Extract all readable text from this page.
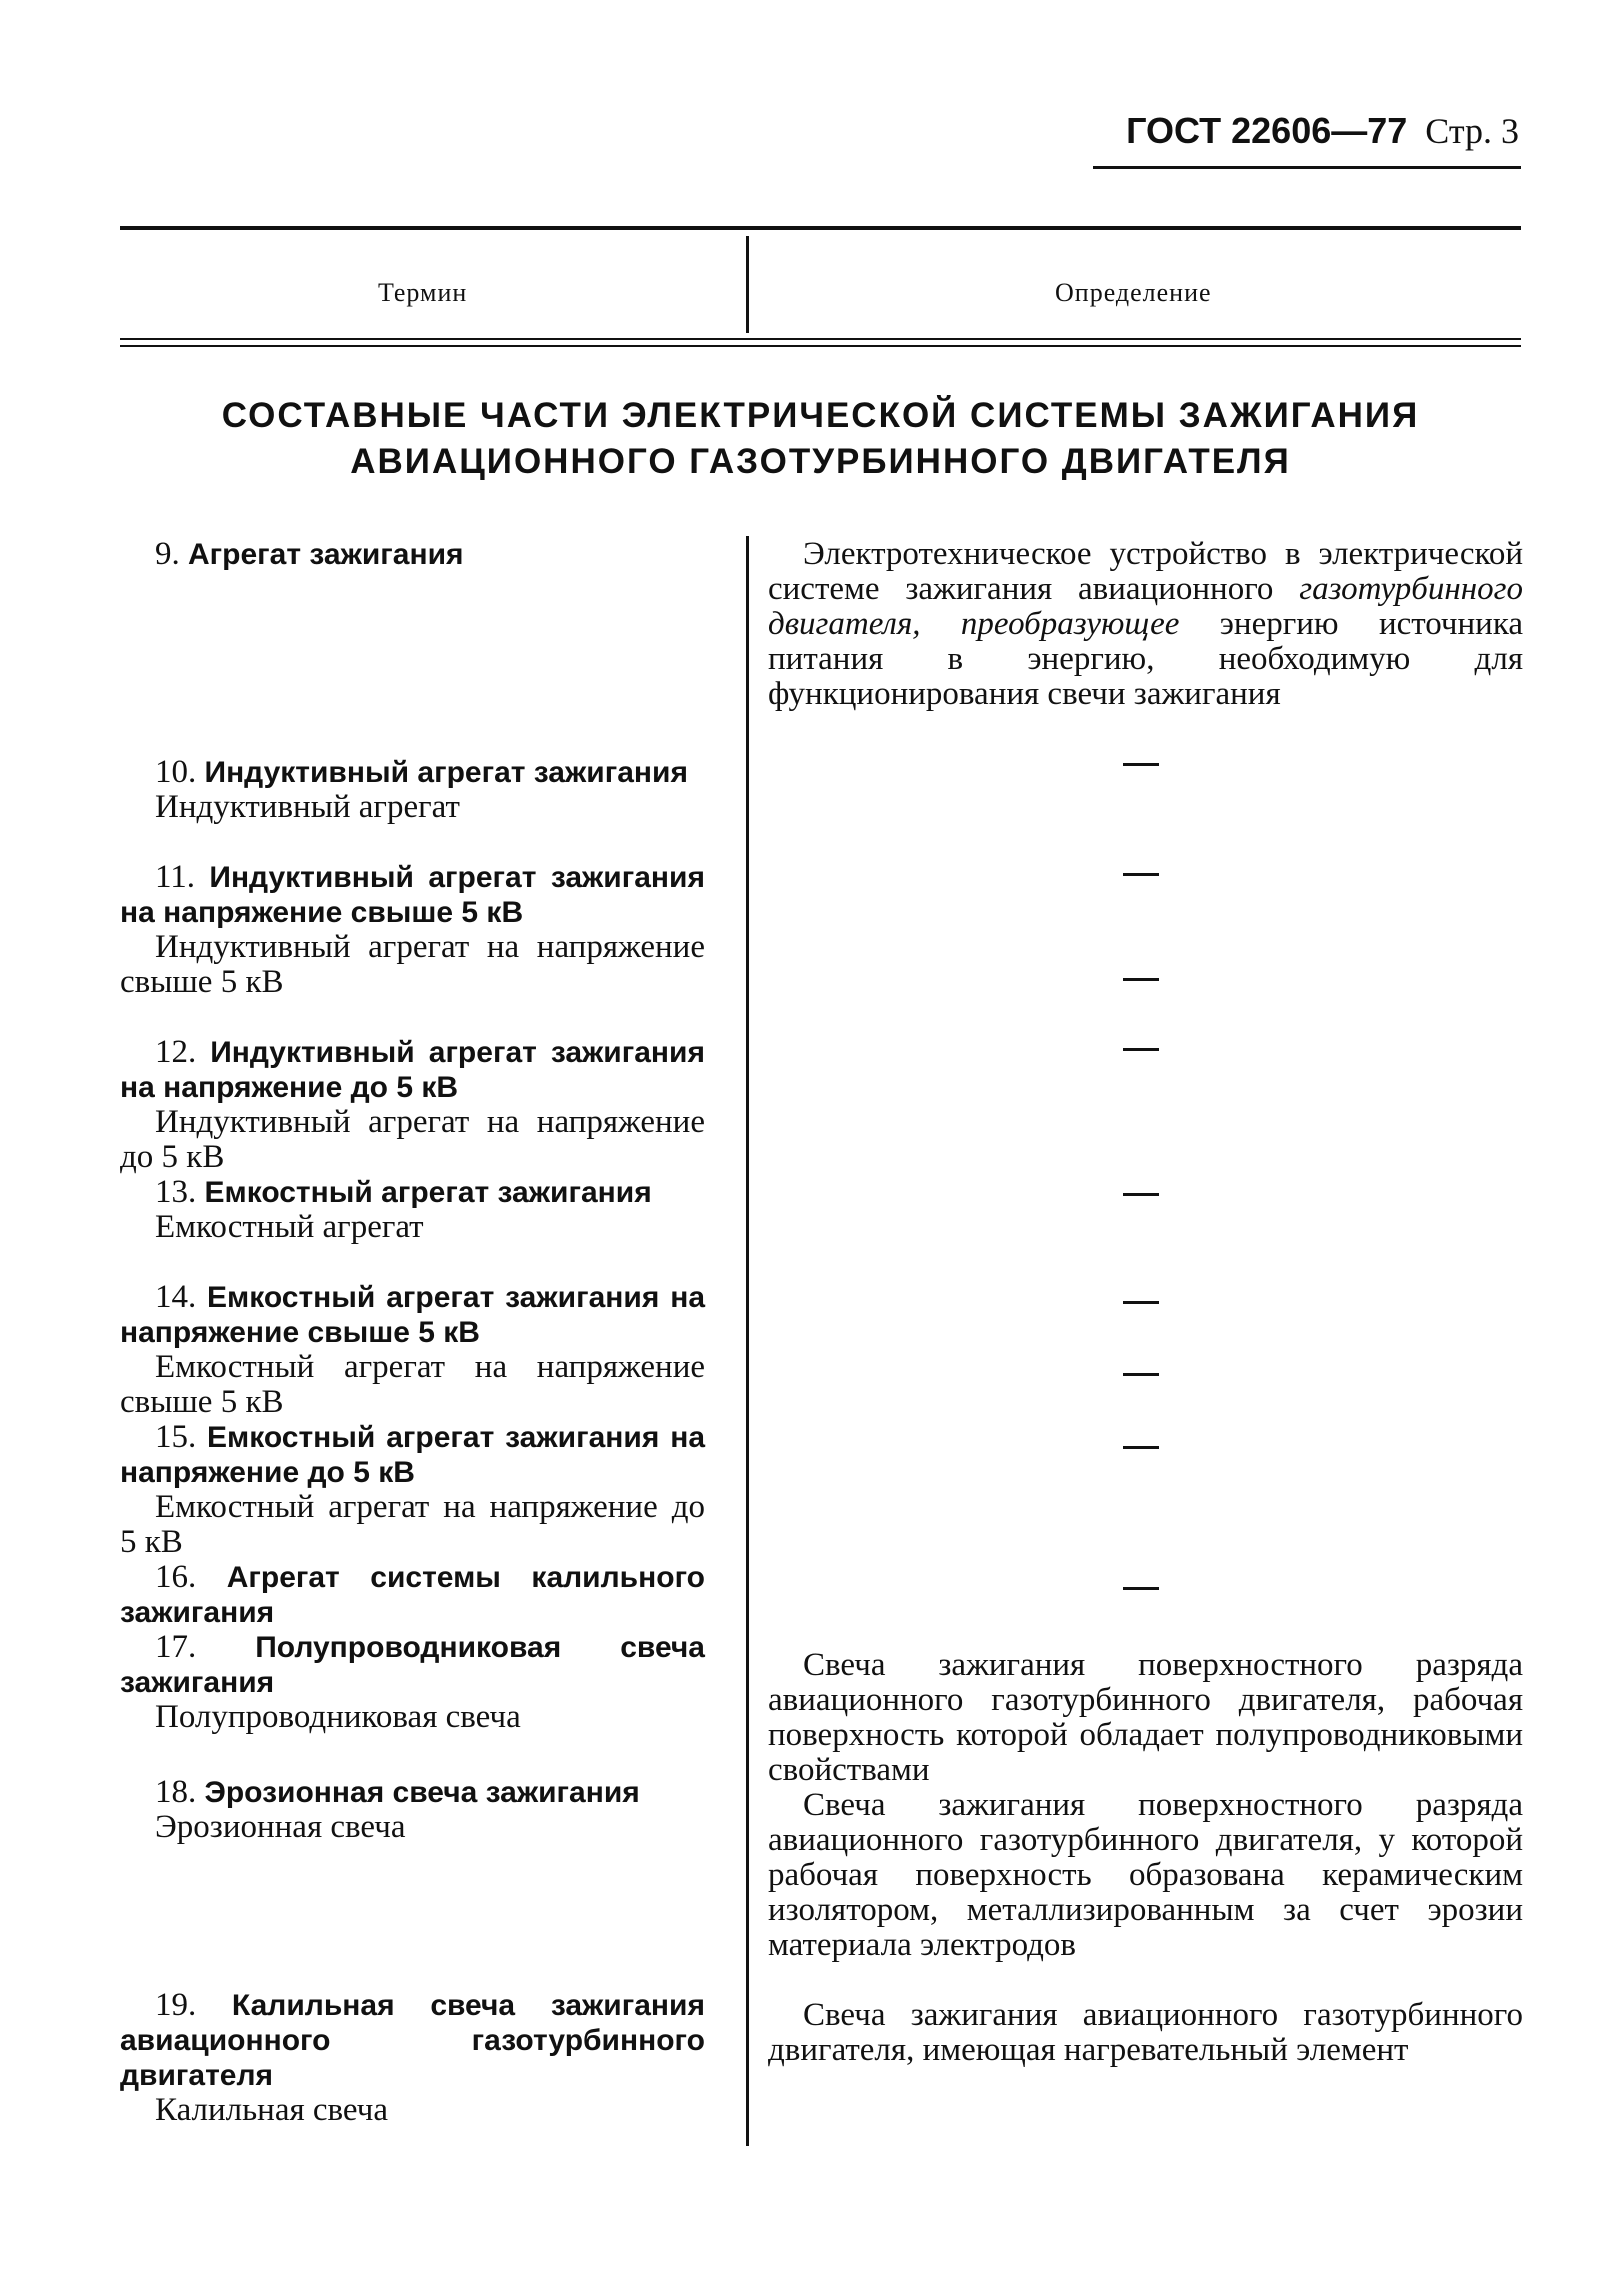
ГОСТ 22606—77 Стр. 3
Термин	Определение
СОСТАВНЫЕ ЧАСТИ ЭЛЕКТРИЧЕСКОЙ СИСТЕМЫ ЗАЖИГАНИЯ
АВИАЦИОННОГО ГАЗОТУРБИННОГО ДВИГАТЕЛЯ
9. Агрегат зажигания
10. Индуктивный агрегат зажигания
Индуктивный агрегат
11. Индуктивный агрегат зажигания на напряжение свыше 5 кВ
Индуктивный агрегат на напряжение свыше 5 кВ
12. Индуктивный агрегат зажигания на напряжение до 5 кВ
Индуктивный агрегат на напряжение до 5 кВ
13. Емкостный агрегат зажигания
Емкостный агрегат
14. Емкостный агрегат зажигания на напряжение свыше 5 кВ
Емкостный агрегат на напряжение свыше 5 кВ
15. Емкостный агрегат зажигания на напряжение до 5 кВ
Емкостный агрегат на напряжение до 5 кВ
16. Агрегат системы калильного зажигания
17. Полупроводниковая свеча зажигания
Полупроводниковая свеча
18. Эрозионная свеча зажигания
Эрозионная свеча
19. Калильная свеча зажигания авиационного газотурбинного двигателя
Калильная свеча
Электротехническое устройство в электрической системе зажигания авиационного газотурбинного двигателя, преобразующее энергию источника питания в энергию, необходимую для функционирования свечи зажигания
Свеча зажигания поверхностного разряда авиационного газотурбинного двигателя, рабочая поверхность которой обладает полупроводниковыми свойствами
Свеча зажигания поверхностного разряда авиационного газотурбинного двигателя, у которой рабочая поверхность образована керамическим изолятором, металлизированным за счет эрозии материала электродов
Свеча зажигания авиационного газотурбинного двигателя, имеющая нагревательный элемент
